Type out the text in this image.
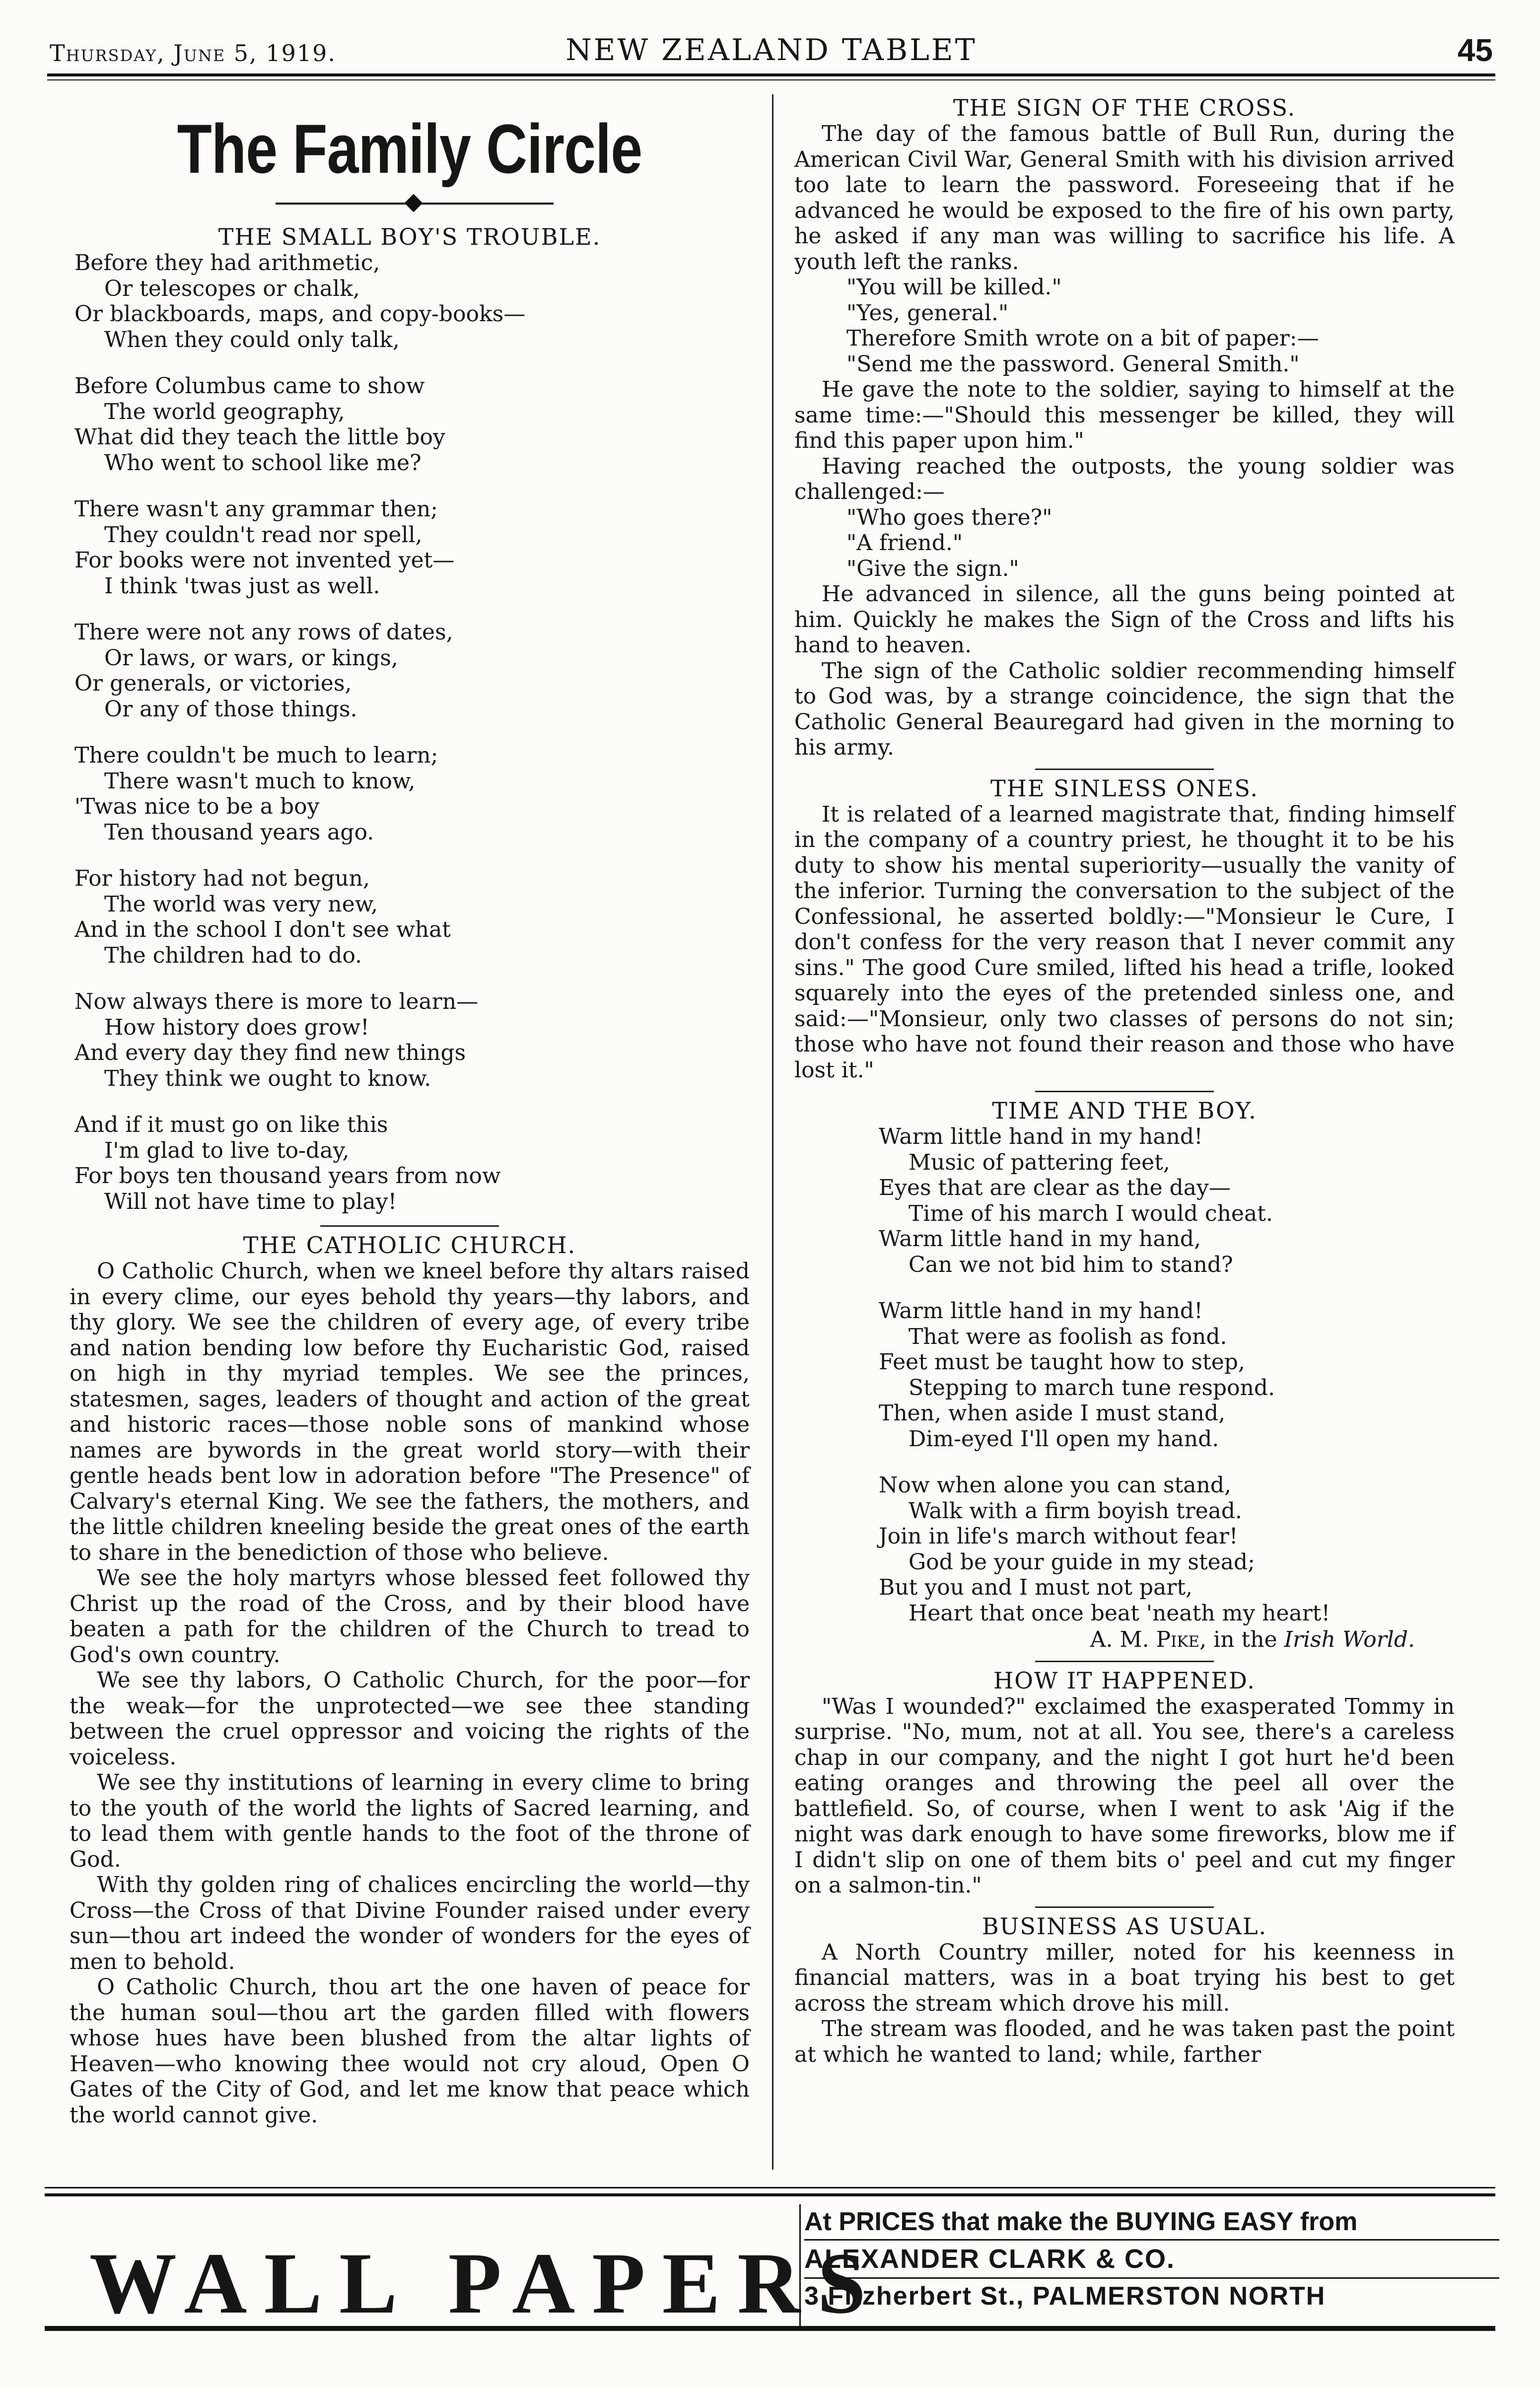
Thursday, June 5, 1919.	NEW ZEALAND TABLET	45
The Family Circle
THE SMALL BOY'S TROUBLE.
Before they had arithmetic,
Or telescopes or chalk,
Or blackboards, maps, and copy-books—
When they could only talk,
Before Columbus came to show
The world geography,
What did they teach the little boy
Who went to school like me?
There wasn't any grammar then;
They couldn't read nor spell,
For books were not invented yet—
I think 'twas just as well.
There were not any rows of dates,
Or laws, or wars, or kings,
Or generals, or victories,
Or any of those things.
There couldn't be much to learn;
There wasn't much to know,
'Twas nice to be a boy
Ten thousand years ago.
For history had not begun,
The world was very new,
And in the school I don't see what
The children had to do.
Now always there is more to learn—
How history does grow!
And every day they find new things
They think we ought to know.
And if it must go on like this
I'm glad to live to-day,
For boys ten thousand years from now
Will not have time to play!
THE CATHOLIC CHURCH.

O Catholic Church, when we kneel before thy altars raised in every clime, our eyes behold thy years—thy labors, and thy glory. We see the children of every age, of every tribe and nation bending low before thy Eucharistic God, raised on high in thy myriad temples. We see the princes, statesmen, sages, leaders of thought and action of the great and historic races—those noble sons of mankind whose names are bywords in the great world story—with their gentle heads bent low in adoration before "The Presence" of Calvary's eternal King. We see the fathers, the mothers, and the little children kneeling beside the great ones of the earth to share in the benediction of those who believe.

We see the holy martyrs whose blessed feet followed thy Christ up the road of the Cross, and by their blood have beaten a path for the children of the Church to tread to God's own country.

We see thy labors, O Catholic Church, for the poor—for the weak—for the unprotected—we see thee standing between the cruel oppressor and voicing the rights of the voiceless.

We see thy institutions of learning in every clime to bring to the youth of the world the lights of Sacred learning, and to lead them with gentle hands to the foot of the throne of God.

With thy golden ring of chalices encircling the world—thy Cross—the Cross of that Divine Founder raised under every sun—thou art indeed the wonder of wonders for the eyes of men to behold.

O Catholic Church, thou art the one haven of peace for the human soul—thou art the garden filled with flowers whose hues have been blushed from the altar lights of Heaven—who knowing thee would not cry aloud, Open O Gates of the City of God, and let me know that peace which the world cannot give.

THE SIGN OF THE CROSS.

The day of the famous battle of Bull Run, during the American Civil War, General Smith with his division arrived too late to learn the password. Foreseeing that if he advanced he would be exposed to the fire of his own party, he asked if any man was willing to sacrifice his life. A youth left the ranks.

"You will be killed."

"Yes, general."

Therefore Smith wrote on a bit of paper:—

"Send me the password. General Smith."

He gave the note to the soldier, saying to himself at the same time:—"Should this messenger be killed, they will find this paper upon him."

Having reached the outposts, the young soldier was challenged:—

"Who goes there?"

"A friend."

"Give the sign."

He advanced in silence, all the guns being pointed at him. Quickly he makes the Sign of the Cross and lifts his hand to heaven.

The sign of the Catholic soldier recommending himself to God was, by a strange coincidence, the sign that the Catholic General Beauregard had given in the morning to his army.

THE SINLESS ONES.

It is related of a learned magistrate that, finding himself in the company of a country priest, he thought it to be his duty to show his mental superiority—usually the vanity of the inferior. Turning the conversation to the subject of the Confessional, he asserted boldly:—"Monsieur le Cure, I don't confess for the very reason that I never commit any sins." The good Cure smiled, lifted his head a trifle, looked squarely into the eyes of the pretended sinless one, and said:—"Monsieur, only two classes of persons do not sin; those who have not found their reason and those who have lost it."

TIME AND THE BOY.
Warm little hand in my hand!
Music of pattering feet,
Eyes that are clear as the day—
Time of his march I would cheat.
Warm little hand in my hand,
Can we not bid him to stand?
Warm little hand in my hand!
That were as foolish as fond.
Feet must be taught how to step,
Stepping to march tune respond.
Then, when aside I must stand,
Dim-eyed I'll open my hand.
Now when alone you can stand,
Walk with a firm boyish tread.
Join in life's march without fear!
God be your guide in my stead;
But you and I must not part,
Heart that once beat 'neath my heart!
A. M. Pike, in the Irish World.
HOW IT HAPPENED.

"Was I wounded?" exclaimed the exasperated Tommy in surprise. "No, mum, not at all. You see, there's a careless chap in our company, and the night I got hurt he'd been eating oranges and throwing the peel all over the battlefield. So, of course, when I went to ask 'Aig if the night was dark enough to have some fireworks, blow me if I didn't slip on one of them bits o' peel and cut my finger on a salmon-tin."

BUSINESS AS USUAL.

A North Country miller, noted for his keenness in financial matters, was in a boat trying his best to get across the stream which drove his mill.

The stream was flooded, and he was taken past the point at which he wanted to land; while, farther

WALL PAPERS
At PRICES that make the BUYING EASY from
ALEXANDER CLARK & CO.
3 Fitzherbert St., PALMERSTON NORTH
